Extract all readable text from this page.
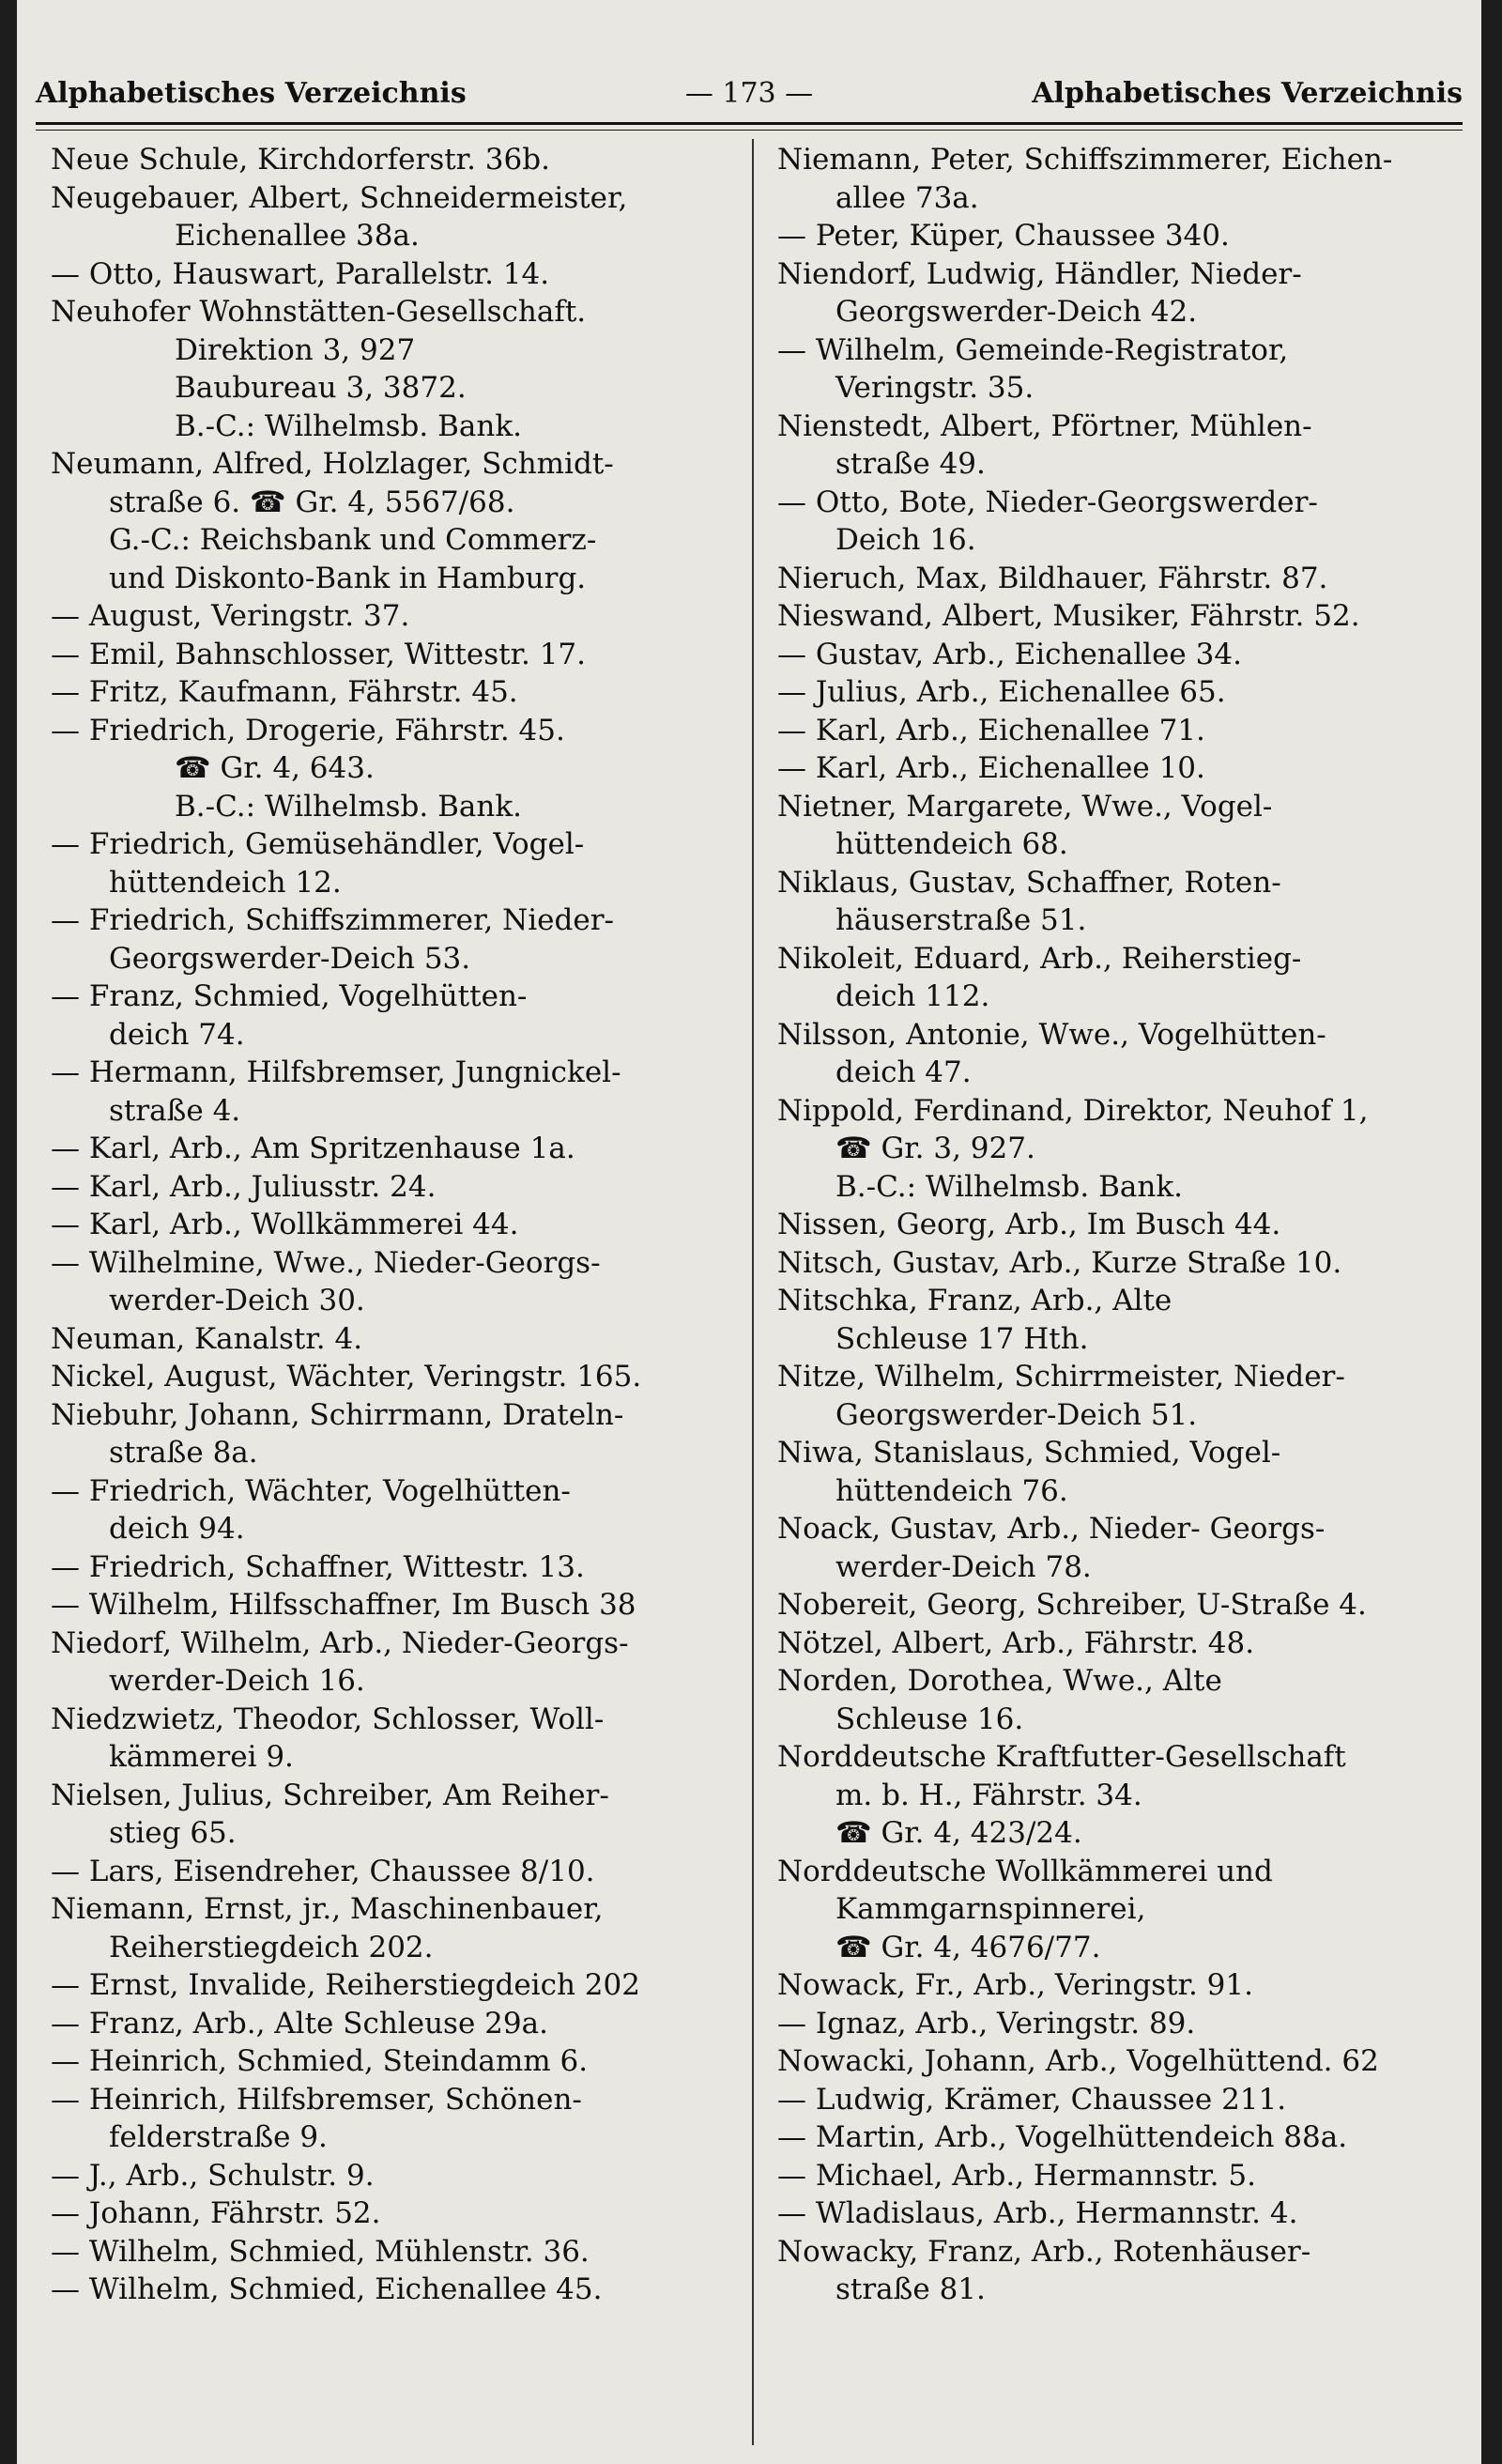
Alphabetisches Verzeichnis	— 173 —	Alphabetisches Verzeichnis
Neue Schule, Kirchdorferstr. 36b.
Neugebauer, Albert, Schneidermeister,
Eichenallee 38a.
— Otto, Hauswart, Parallelstr. 14.
Neuhofer Wohnstätten-Gesellschaft.
Direktion 3, 927
Baubureau 3, 3872.
B.-C.: Wilhelmsb. Bank.
Neumann, Alfred, Holzlager, Schmidt-
straße 6. ☎ Gr. 4, 5567/68.
G.-C.: Reichsbank und Commerz-
und Diskonto-Bank in Hamburg.
— August, Veringstr. 37.
— Emil, Bahnschlosser, Wittestr. 17.
— Fritz, Kaufmann, Fährstr. 45.
— Friedrich, Drogerie, Fährstr. 45.
☎ Gr. 4, 643.
B.-C.: Wilhelmsb. Bank.
— Friedrich, Gemüsehändler, Vogel-
hüttendeich 12.
— Friedrich, Schiffszimmerer, Nieder-
Georgswerder-Deich 53.
— Franz, Schmied, Vogelhütten-
deich 74.
— Hermann, Hilfsbremser, Jungnickel-
straße 4.
— Karl, Arb., Am Spritzenhause 1a.
— Karl, Arb., Juliusstr. 24.
— Karl, Arb., Wollkämmerei 44.
— Wilhelmine, Wwe., Nieder-Georgs-
werder-Deich 30.
Neuman, Kanalstr. 4.
Nickel, August, Wächter, Veringstr. 165.
Niebuhr, Johann, Schirrmann, Drateln-
straße 8a.
— Friedrich, Wächter, Vogelhütten-
deich 94.
— Friedrich, Schaffner, Wittestr. 13.
— Wilhelm, Hilfsschaffner, Im Busch 38
Niedorf, Wilhelm, Arb., Nieder-Georgs-
werder-Deich 16.
Niedzwietz, Theodor, Schlosser, Woll-
kämmerei 9.
Nielsen, Julius, Schreiber, Am Reiher-
stieg 65.
— Lars, Eisendreher, Chaussee 8/10.
Niemann, Ernst, jr., Maschinenbauer,
Reiherstiegdeich 202.
— Ernst, Invalide, Reiherstiegdeich 202
— Franz, Arb., Alte Schleuse 29a.
— Heinrich, Schmied, Steindamm 6.
— Heinrich, Hilfsbremser, Schönen-
felderstraße 9.
— J., Arb., Schulstr. 9.
— Johann, Fährstr. 52.
— Wilhelm, Schmied, Mühlenstr. 36.
— Wilhelm, Schmied, Eichenallee 45.
Niemann, Peter, Schiffszimmerer, Eichen-
allee 73a.
— Peter, Küper, Chaussee 340.
Niendorf, Ludwig, Händler, Nieder-
Georgswerder-Deich 42.
— Wilhelm, Gemeinde-Registrator,
Veringstr. 35.
Nienstedt, Albert, Pförtner, Mühlen-
straße 49.
— Otto, Bote, Nieder-Georgswerder-
Deich 16.
Nieruch, Max, Bildhauer, Fährstr. 87.
Nieswand, Albert, Musiker, Fährstr. 52.
— Gustav, Arb., Eichenallee 34.
— Julius, Arb., Eichenallee 65.
— Karl, Arb., Eichenallee 71.
— Karl, Arb., Eichenallee 10.
Nietner, Margarete, Wwe., Vogel-
hüttendeich 68.
Niklaus, Gustav, Schaffner, Roten-
häuserstraße 51.
Nikoleit, Eduard, Arb., Reiherstieg-
deich 112.
Nilsson, Antonie, Wwe., Vogelhütten-
deich 47.
Nippold, Ferdinand, Direktor, Neuhof 1,
☎ Gr. 3, 927.
B.-C.: Wilhelmsb. Bank.
Nissen, Georg, Arb., Im Busch 44.
Nitsch, Gustav, Arb., Kurze Straße 10.
Nitschka, Franz, Arb., Alte
Schleuse 17 Hth.
Nitze, Wilhelm, Schirrmeister, Nieder-
Georgswerder-Deich 51.
Niwa, Stanislaus, Schmied, Vogel-
hüttendeich 76.
Noack, Gustav, Arb., Nieder- Georgs-
werder-Deich 78.
Nobereit, Georg, Schreiber, U-Straße 4.
Nötzel, Albert, Arb., Fährstr. 48.
Norden, Dorothea, Wwe., Alte
Schleuse 16.
Norddeutsche Kraftfutter-Gesellschaft
m. b. H., Fährstr. 34.
☎ Gr. 4, 423/24.
Norddeutsche Wollkämmerei und
Kammgarnspinnerei,
☎ Gr. 4, 4676/77.
Nowack, Fr., Arb., Veringstr. 91.
— Ignaz, Arb., Veringstr. 89.
Nowacki, Johann, Arb., Vogelhüttend. 62
— Ludwig, Krämer, Chaussee 211.
— Martin, Arb., Vogelhüttendeich 88a.
— Michael, Arb., Hermannstr. 5.
— Wladislaus, Arb., Hermannstr. 4.
Nowacky, Franz, Arb., Rotenhäuser-
straße 81.
